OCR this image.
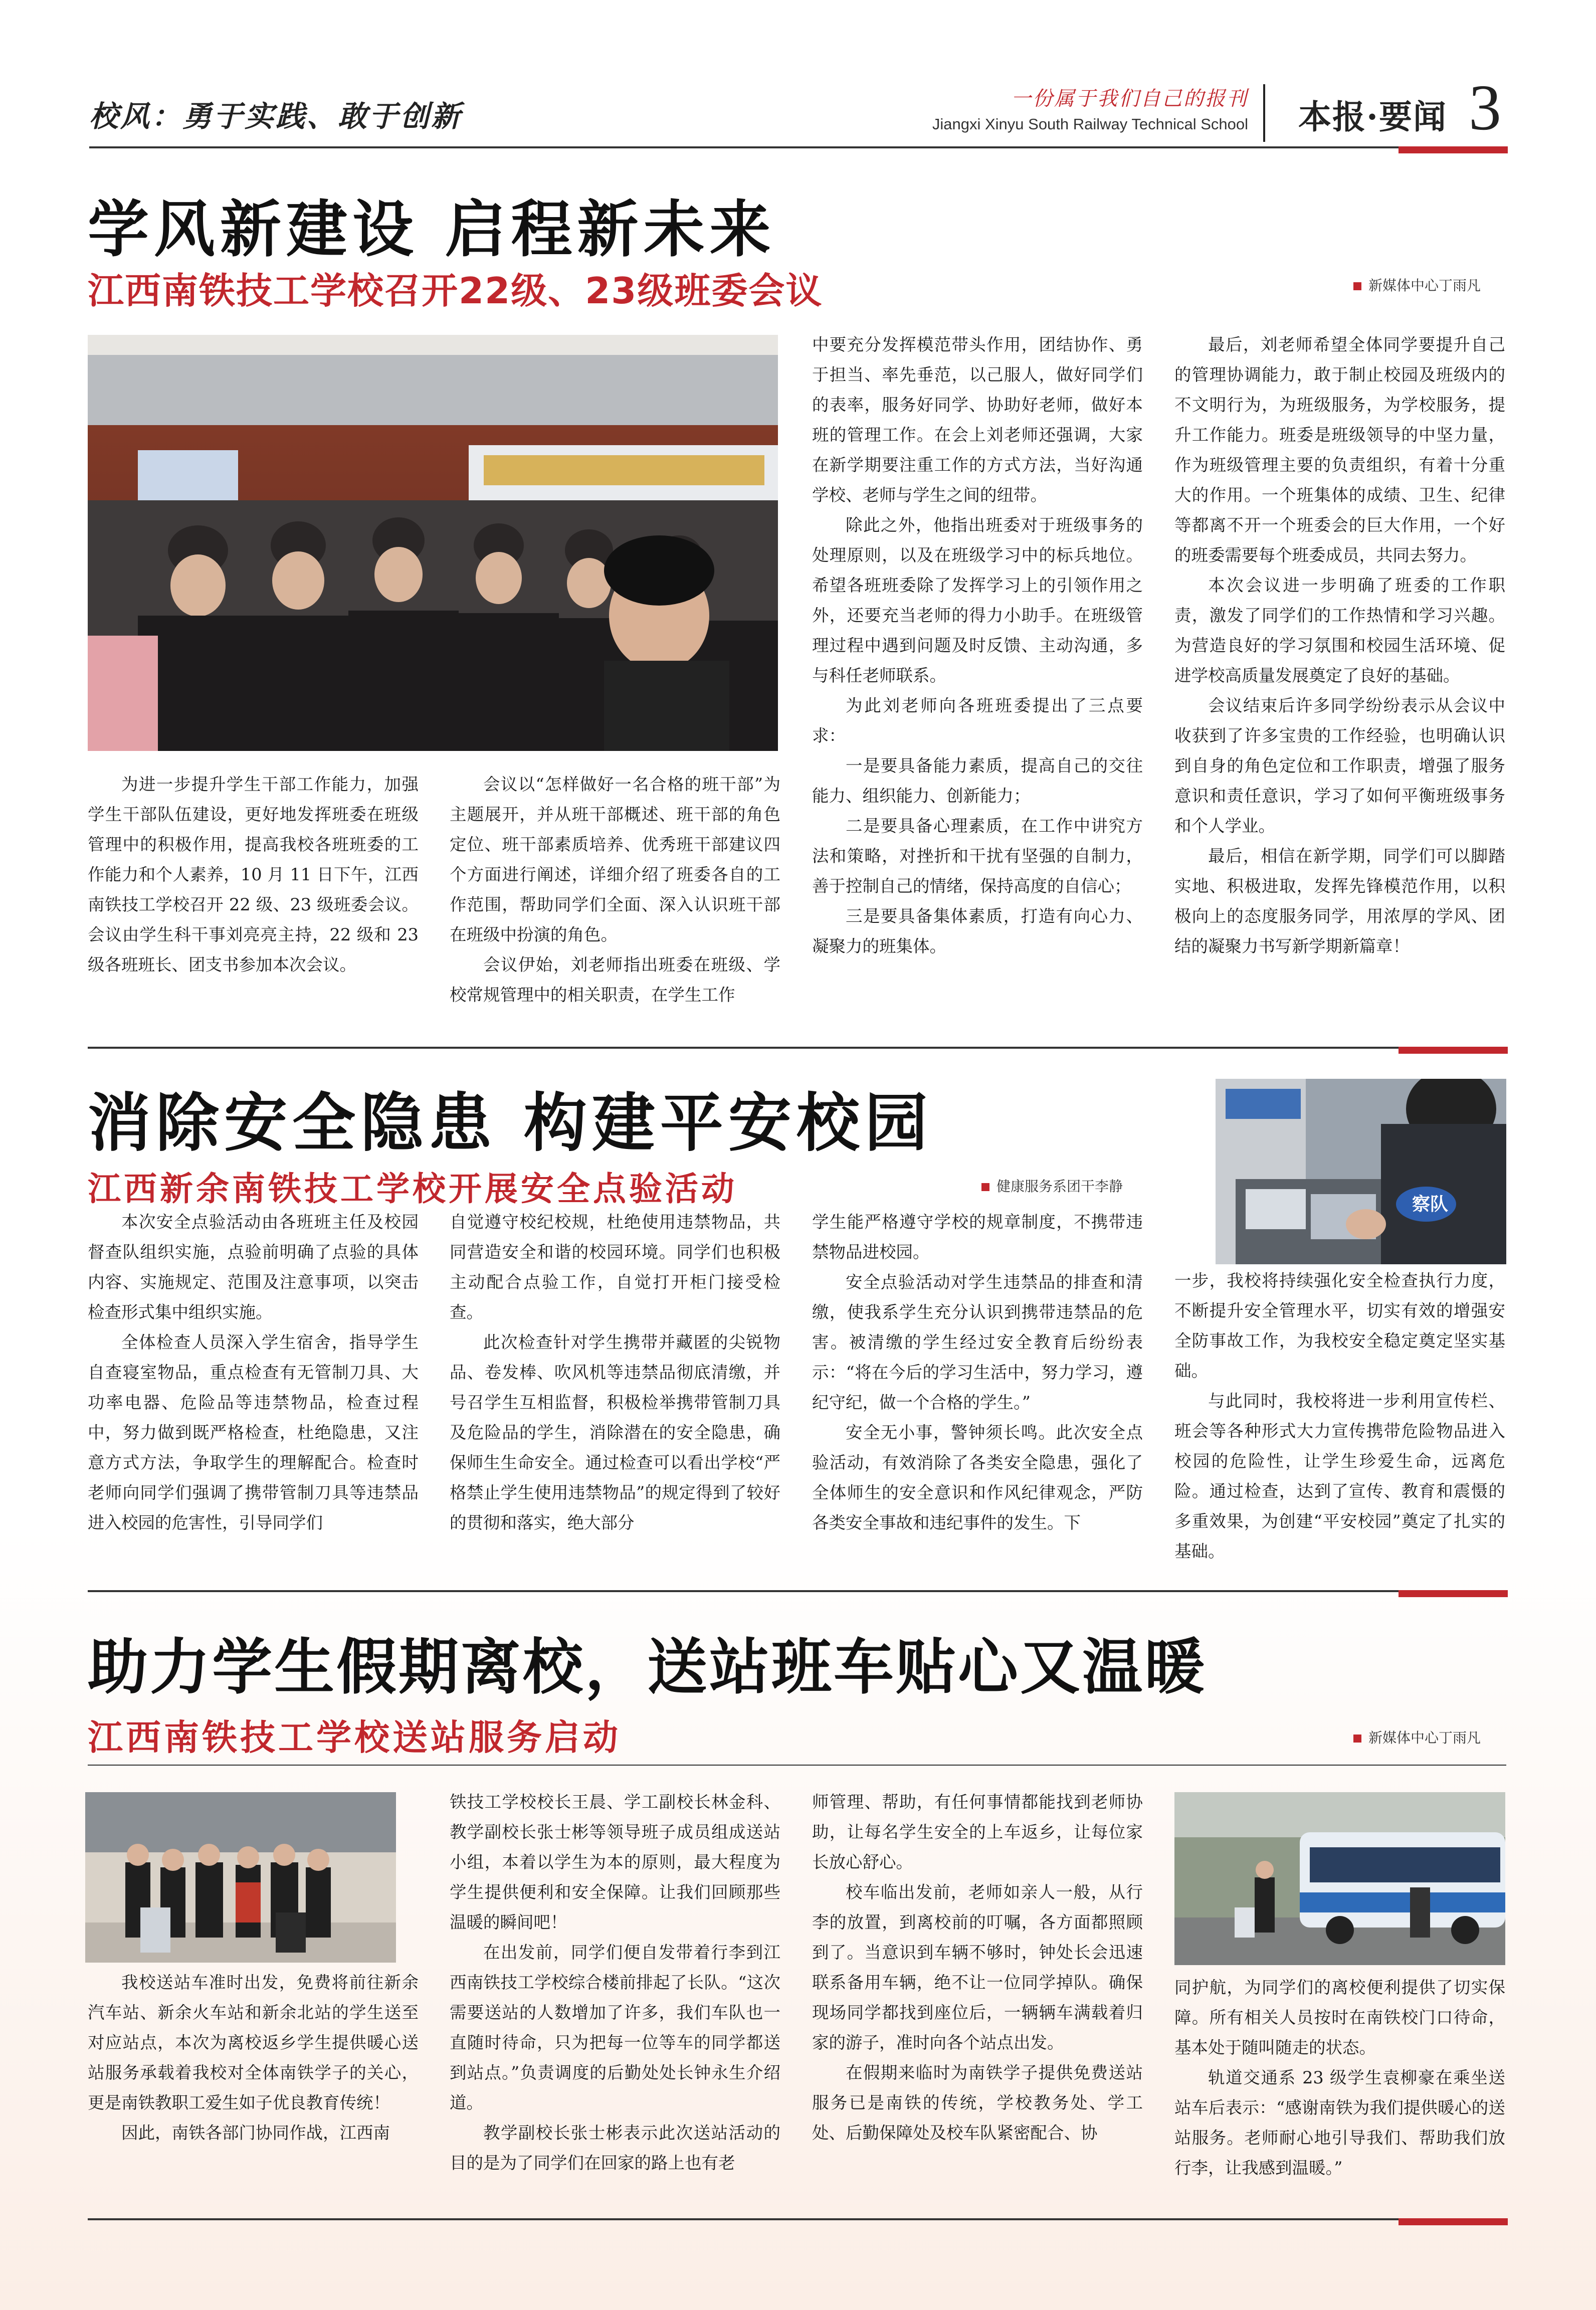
校风：勇于实践、敢于创新
一份属于我们自己的报刊
Jiangxi Xinyu South Railway Technical School 本报·要闻 3
学风新建设 启程新未来
江西南铁技工学校召开22级、23级班委会议	新媒体中心丁雨凡

为进一步提升学生干部工作能力，加强学生干部队伍建设，更好地发挥班委在班级管理中的积极作用，提高我校各班班委的工作能力和个人素养，10 月 11 日下午，江西南铁技工学校召开 22 级、23 级班委会议。会议由学生科干事刘亮亮主持，22 级和 23 级各班班长、团支书参加本次会议。

会议以“怎样做好一名合格的班干部”为主题展开，并从班干部概述、班干部的角色定位、班干部素质培养、优秀班干部建议四个方面进行阐述，详细介绍了班委各自的工作范围，帮助同学们全面、深入认识班干部在班级中扮演的角色。

会议伊始，刘老师指出班委在班级、学校常规管理中的相关职责，在学生工作

中要充分发挥模范带头作用，团结协作、勇于担当、率先垂范，以己服人，做好同学们的表率，服务好同学、协助好老师，做好本班的管理工作。在会上刘老师还强调，大家在新学期要注重工作的方式方法，当好沟通学校、老师与学生之间的纽带。

除此之外，他指出班委对于班级事务的处理原则，以及在班级学习中的标兵地位。希望各班班委除了发挥学习上的引领作用之外，还要充当老师的得力小助手。在班级管理过程中遇到问题及时反馈、主动沟通，多与科任老师联系。

为此刘老师向各班班委提出了三点要求：

一是要具备能力素质，提高自己的交往能力、组织能力、创新能力；

二是要具备心理素质，在工作中讲究方法和策略，对挫折和干扰有坚强的自制力，善于控制自己的情绪，保持高度的自信心；

三是要具备集体素质，打造有向心力、凝聚力的班集体。

最后，刘老师希望全体同学要提升自己的管理协调能力，敢于制止校园及班级内的不文明行为，为班级服务，为学校服务，提升工作能力。班委是班级领导的中坚力量，作为班级管理主要的负责组织，有着十分重大的作用。一个班集体的成绩、卫生、纪律等都离不开一个班委会的巨大作用，一个好的班委需要每个班委成员，共同去努力。

本次会议进一步明确了班委的工作职责，激发了同学们的工作热情和学习兴趣。为营造良好的学习氛围和校园生活环境、促进学校高质量发展奠定了良好的基础。

会议结束后许多同学纷纷表示从会议中收获到了许多宝贵的工作经验，也明确认识到自身的角色定位和工作职责，增强了服务意识和责任意识，学习了如何平衡班级事务和个人学业。

最后，相信在新学期，同学们可以脚踏实地、积极进取，发挥先锋模范作用，以积极向上的态度服务同学，用浓厚的学风、团结的凝聚力书写新学期新篇章！

消除安全隐患 构建平安校园
江西新余南铁技工学校开展安全点验活动	健康服务系团干李静
察队

本次安全点验活动由各班班主任及校园督查队组织实施，点验前明确了点验的具体内容、实施规定、范围及注意事项，以突击检查形式集中组织实施。

全体检查人员深入学生宿舍，指导学生自查寝室物品，重点检查有无管制刀具、大功率电器、危险品等违禁物品，检查过程中，努力做到既严格检查，杜绝隐患，又注意方式方法，争取学生的理解配合。检查时老师向同学们强调了携带管制刀具等违禁品进入校园的危害性，引导同学们

自觉遵守校纪校规，杜绝使用违禁物品，共同营造安全和谐的校园环境。同学们也积极主动配合点验工作，自觉打开柜门接受检查。

此次检查针对学生携带并藏匿的尖锐物品、卷发棒、吹风机等违禁品彻底清缴，并号召学生互相监督，积极检举携带管制刀具及危险品的学生，消除潜在的安全隐患，确保师生生命安全。通过检查可以看出学校“严格禁止学生使用违禁物品”的规定得到了较好的贯彻和落实，绝大部分

学生能严格遵守学校的规章制度，不携带违禁物品进校园。

安全点验活动对学生违禁品的排查和清缴，使我系学生充分认识到携带违禁品的危害。被清缴的学生经过安全教育后纷纷表示：“将在今后的学习生活中，努力学习，遵纪守纪，做一个合格的学生。”

安全无小事，警钟须长鸣。此次安全点验活动，有效消除了各类安全隐患，强化了全体师生的安全意识和作风纪律观念，严防各类安全事故和违纪事件的发生。下

一步，我校将持续强化安全检查执行力度，不断提升安全管理水平，切实有效的增强安全防事故工作，为我校安全稳定奠定坚实基础。

与此同时，我校将进一步利用宣传栏、班会等各种形式大力宣传携带危险物品进入校园的危险性，让学生珍爱生命，远离危险。通过检查，达到了宣传、教育和震慑的多重效果，为创建“平安校园”奠定了扎实的基础。

助力学生假期离校，送站班车贴心又温暖
江西南铁技工学校送站服务启动	新媒体中心丁雨凡

我校送站车准时出发，免费将前往新余汽车站、新余火车站和新余北站的学生送至对应站点，本次为离校返乡学生提供暖心送站服务承载着我校对全体南铁学子的关心，更是南铁教职工爱生如子优良教育传统！

因此，南铁各部门协同作战，江西南

铁技工学校校长王晨、学工副校长林金科、教学副校长张士彬等领导班子成员组成送站小组，本着以学生为本的原则，最大程度为学生提供便利和安全保障。让我们回顾那些温暖的瞬间吧！

在出发前，同学们便自发带着行李到江西南铁技工学校综合楼前排起了长队。“这次需要送站的人数增加了许多，我们车队也一直随时待命，只为把每一位等车的同学都送到站点。”负责调度的后勤处处长钟永生介绍道。

教学副校长张士彬表示此次送站活动的目的是为了同学们在回家的路上也有老

师管理、帮助，有任何事情都能找到老师协助，让每名学生安全的上车返乡，让每位家长放心舒心。

校车临出发前，老师如亲人一般，从行李的放置，到离校前的叮嘱，各方面都照顾到了。当意识到车辆不够时，钟处长会迅速联系备用车辆，绝不让一位同学掉队。确保现场同学都找到座位后，一辆辆车满载着归家的游子，准时向各个站点出发。

在假期来临时为南铁学子提供免费送站服务已是南铁的传统，学校教务处、学工处、后勤保障处及校车队紧密配合、协

同护航，为同学们的离校便利提供了切实保障。所有相关人员按时在南铁校门口待命，基本处于随叫随走的状态。

轨道交通系 23 级学生袁柳豪在乘坐送站车后表示：“感谢南铁为我们提供暖心的送站服务。老师耐心地引导我们、帮助我们放行李，让我感到温暖。”
